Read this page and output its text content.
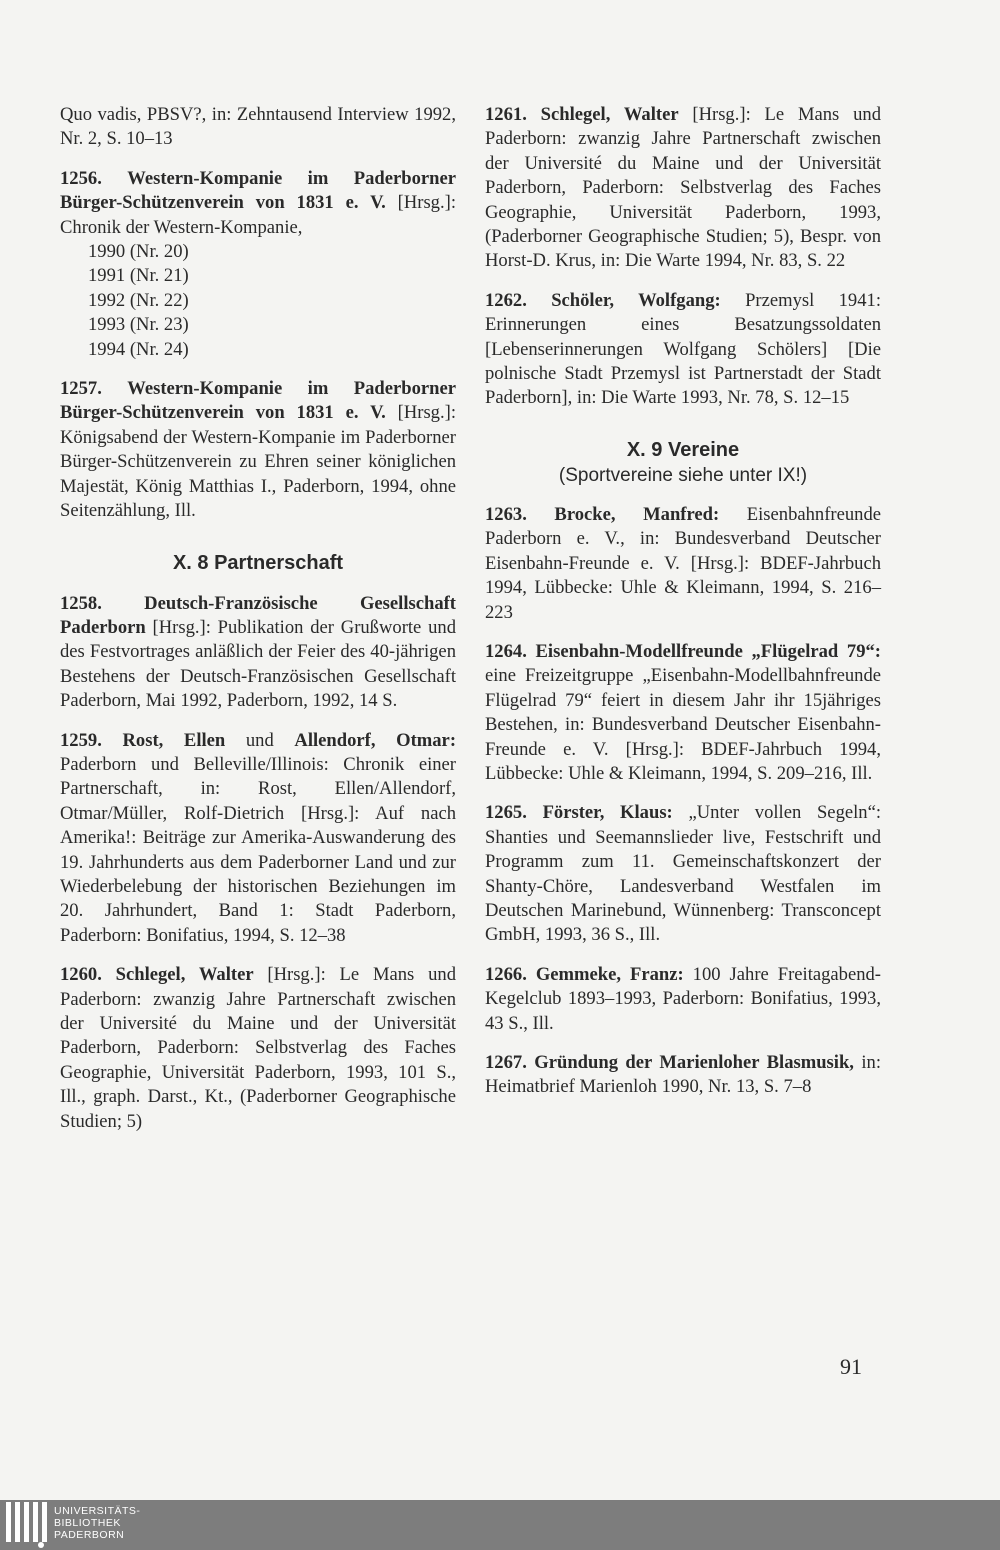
Quo vadis, PBSV?, in: Zehntausend Interview 1992, Nr. 2, S. 10–13

1256. Western-Kompanie im Paderborner Bürger-Schützenverein von 1831 e. V. [Hrsg.]: Chronik der Western-Kompanie,
1990 (Nr. 20)
1991 (Nr. 21)
1992 (Nr. 22)
1993 (Nr. 23)
1994 (Nr. 24)

1257. Western-Kompanie im Paderborner Bürger-Schützenverein von 1831 e. V. [Hrsg.]: Königsabend der Western-Kompanie im Paderborner Bürger-Schützenverein zu Ehren seiner königlichen Majestät, König Matthias I., Paderborn, 1994, ohne Seitenzählung, Ill.

X. 8 Partnerschaft

1258. Deutsch-Französische Gesellschaft Paderborn [Hrsg.]: Publikation der Grußworte und des Festvortrages anläßlich der Feier des 40-jährigen Bestehens der Deutsch-Französischen Gesellschaft Paderborn, Mai 1992, Paderborn, 1992, 14 S.

1259. Rost, Ellen und Allendorf, Otmar: Paderborn und Belleville/Illinois: Chronik einer Partnerschaft, in: Rost, Ellen/Allendorf, Otmar/Müller, Rolf-Dietrich [Hrsg.]: Auf nach Amerika!: Beiträge zur Amerika-Auswanderung des 19. Jahrhunderts aus dem Paderborner Land und zur Wiederbelebung der historischen Beziehungen im 20. Jahrhundert, Band 1: Stadt Paderborn, Paderborn: Bonifatius, 1994, S. 12–38

1260. Schlegel, Walter [Hrsg.]: Le Mans und Paderborn: zwanzig Jahre Partnerschaft zwischen der Université du Maine und der Universität Paderborn, Paderborn: Selbstverlag des Faches Geographie, Universität Paderborn, 1993, 101 S., Ill., graph. Darst., Kt., (Paderborner Geographische Studien; 5)

1261. Schlegel, Walter [Hrsg.]: Le Mans und Paderborn: zwanzig Jahre Partnerschaft zwischen der Université du Maine und der Universität Paderborn, Paderborn: Selbstverlag des Faches Geographie, Universität Paderborn, 1993, (Paderborner Geographische Studien; 5), Bespr. von Horst-D. Krus, in: Die Warte 1994, Nr. 83, S. 22

1262. Schöler, Wolfgang: Przemysl 1941: Erinnerungen eines Besatzungssoldaten [Lebenserinnerungen Wolfgang Schölers] [Die polnische Stadt Przemysl ist Partnerstadt der Stadt Paderborn], in: Die Warte 1993, Nr. 78, S. 12–15

X. 9 Vereine
(Sportvereine siehe unter IX!)

1263. Brocke, Manfred: Eisenbahnfreunde Paderborn e. V., in: Bundesverband Deutscher Eisenbahn-Freunde e. V. [Hrsg.]: BDEF-Jahrbuch 1994, Lübbecke: Uhle & Kleimann, 1994, S. 216–223

1264. Eisenbahn-Modellfreunde „Flügelrad 79“: eine Freizeitgruppe „Eisenbahn-Modellbahnfreunde Flügelrad 79“ feiert in diesem Jahr ihr 15jähriges Bestehen, in: Bundesverband Deutscher Eisenbahn-Freunde e. V. [Hrsg.]: BDEF-Jahrbuch 1994, Lübbecke: Uhle & Kleimann, 1994, S. 209–216, Ill.

1265. Förster, Klaus: „Unter vollen Segeln“: Shanties und Seemannslieder live, Festschrift und Programm zum 11. Gemeinschaftskonzert der Shanty-Chöre, Landesverband Westfalen im Deutschen Marinebund, Wünnenberg: Transconcept GmbH, 1993, 36 S., Ill.

1266. Gemmeke, Franz: 100 Jahre Freitagabend-Kegelclub 1893–1993, Paderborn: Bonifatius, 1993, 43 S., Ill.

1267. Gründung der Marienloher Blasmusik, in: Heimatbrief Marienloh 1990, Nr. 13, S. 7–8

91
UNIVERSITÄTS-
BIBLIOTHEK
PADERBORN
